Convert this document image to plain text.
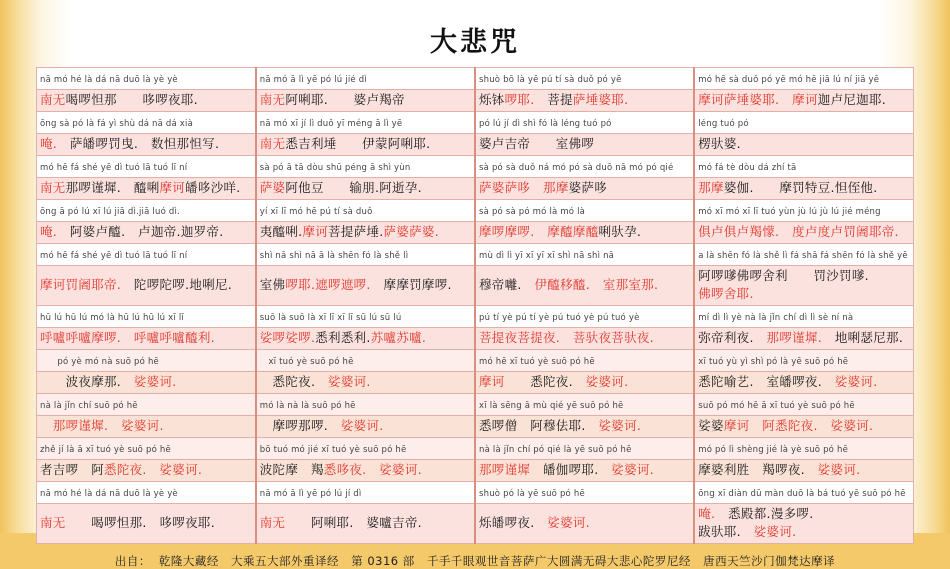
大悲咒
nā mó hé là dá nā duō là yè yè	nā mó ā lì yē pó lú jié dì	shuò bō là yē pú tí sà duǒ pó yē	mó hē sà duǒ pó yē mó hē jiā lú ní jiā yē
南无喝啰怛那　　哆啰夜耶.	南无阿唎耶.　　婆卢羯帝	烁钵啰耶.　菩提萨埵婆耶.	摩诃萨埵婆耶.　 摩诃迦卢尼迦耶.
ōng sà pó là fá yì shù dá nā dá xià	nā mó xī jí lì duǒ yī méng ā lì yē	pó lú jí dì shì fó là léng tuó pó	léng tuó pó
唵.　萨皤啰罚曳.　数怛那怛写.	南无悉吉利埵　　伊蒙阿唎耶.	婆卢吉帝　　室佛啰	楞驮婆.
mó hē fá shé yē dì tuó lā tuó lī ní	sà pó ā tā dòu shū péng ā shì yùn	sà pó sà duǒ ná mó pó sà duō nā mó pó qié	mó fá tè dòu dá zhí tā
南无那啰谨墀.　醯唎摩诃皤哆沙咩.	萨婆阿他豆　　输朋.阿逝孕.	萨婆萨哆　 那摩婆萨哆	那摩婆伽.　　摩罚特豆.怛侄他.
ōng ā pó lú xī lú jiā dì.jiā luó dì.	yí xī lī mó hē pú tí sà duǒ	sà pó sà pó mó là mó là	mó xī mó xī lī tuó yùn jù lú jù lú jié méng
唵.　阿婆卢醯.　卢迦帝.迦罗帝.	夷醯唎.摩诃菩提萨埵.萨婆萨婆.	摩啰摩啰.　 摩醯摩醯唎驮孕.	俱卢俱卢羯懞.　 度卢度卢罚阇耶帝.
mó hē fá shé yē dì tuó lā tuó lī ní	shì nā shì nā ā là shēn fó là shě lì	mù dì lì yī xī yī xī shì nā shì nā	a là shēn fó là shě lì fá shā fá shēn fó là shě yē
摩诃罚阇耶帝.　陀啰陀啰.地唎尼.	室佛啰耶.遮啰遮啰.　 摩摩罚摩啰.	穆帝囄.　 伊醯移醯.　 室那室那.	阿啰嗲佛啰舍利　　罚沙罚嗲.佛啰舍耶.
hū lú hū lú mó là hū lú hū lú xī lī	suō là suō là xī lī xī lī sū lú sū lú	pú tí yè pú tí yè pú tuó yè pú tuó yè	mí dì lì yè nà là jǐn chí dì lì sè ní nà
呼嚧呼嚧摩啰.　呼嚧呼嚧醯利.	娑啰娑啰.悉利悉利.苏嚧苏嚧.	菩提夜菩提夜.　菩驮夜菩驮夜.	弥帝利夜.　 那啰谨墀.　地唎瑟尼那.
　　pó yè mó nà suō pó hē	　xī tuó yè suō pó hē	mó hē xī tuó yè suō pó hē	xī tuó yù yì shì pó là yē suō pó hē
　　波夜摩那.　娑婆诃.	　悉陀夜.　娑婆诃.	摩诃　　悉陀夜.　娑婆诃.	悉陀喻艺.　室皤啰夜.　娑婆诃.
nà là jǐn chí suō pó hē	mó là nà là suō pó hē	xī là sēng ā mù qié yē suō pó hē	suō pó mó hē ā xī tuó yè suō pó hē
　那啰谨墀.　娑婆诃.	　摩啰那啰.　娑婆诃.	悉啰僧　阿穆佉耶.　娑婆诃.	娑婆摩诃　阿悉陀夜.　娑婆诃.
zhě jí là ā xī tuó yè suō pó hē	bō tuó mó jié xī tuó yè suō pó hē	nà là jǐn chí pó qié là yē suō pó hē	mó pó lì shèng jié là yè suō pó hē
者吉啰　阿悉陀夜.　娑婆诃.	波陀摩　羯悉哆夜.　娑婆诃.	那啰谨墀　皤伽啰耶.　娑婆诃.	摩婆利胜　羯啰夜.　娑婆诃.
nā mó hé là dá nā duō là yè yè	nā mó ā lì yē pó lú jí dì	shuò pó là yē suō pó hē	ōng xī diàn dū màn duō là bá tuó yē suō pó hē
南无　　喝啰怛那.　哆啰夜耶.	南无　　阿唎耶.　婆嚧吉帝.	烁皤啰夜.　娑婆诃.	唵.　悉殿都.漫多啰.跋驮耶.　娑婆诃.
出自： 乾隆大藏经 大乘五大部外重译经 第 0316 部 千手千眼观世音菩萨广大圆满无碍大悲心陀罗尼经 唐西天竺沙门伽梵达摩译
